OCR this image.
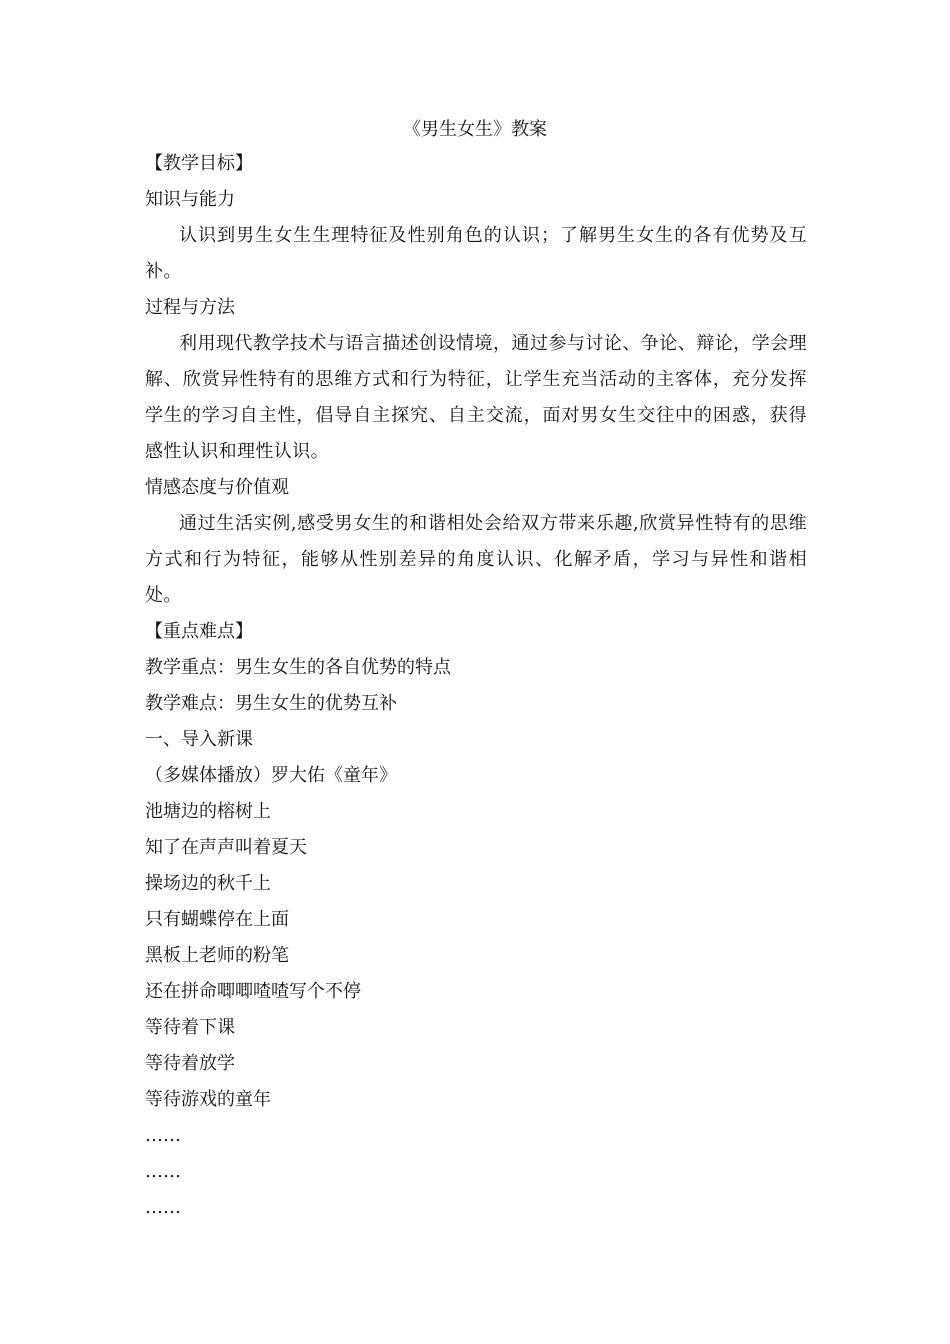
《男生女生》教案

【教学目标】

知识与能力

认识到男生女生生理特征及性别角色的认识；了解男生女生的各有优势及互补。

过程与方法

利用现代教学技术与语言描述创设情境，通过参与讨论、争论、辩论，学会理解、欣赏异性特有的思维方式和行为特征，让学生充当活动的主客体，充分发挥学生的学习自主性，倡导自主探究、自主交流，面对男女生交往中的困惑，获得感性认识和理性认识。

情感态度与价值观

通过生活实例,感受男女生的和谐相处会给双方带来乐趣,欣赏异性特有的思维方式和行为特征，能够从性别差异的角度认识、化解矛盾，学习与异性和谐相处。

【重点难点】

教学重点：男生女生的各自优势的特点

教学难点：男生女生的优势互补

一、导入新课

（多媒体播放）罗大佑《童年》

池塘边的榕树上

知了在声声叫着夏天

操场边的秋千上

只有蝴蝶停在上面

黑板上老师的粉笔

还在拼命唧唧喳喳写个不停

等待着下课

等待着放学

等待游戏的童年

……

……

……
